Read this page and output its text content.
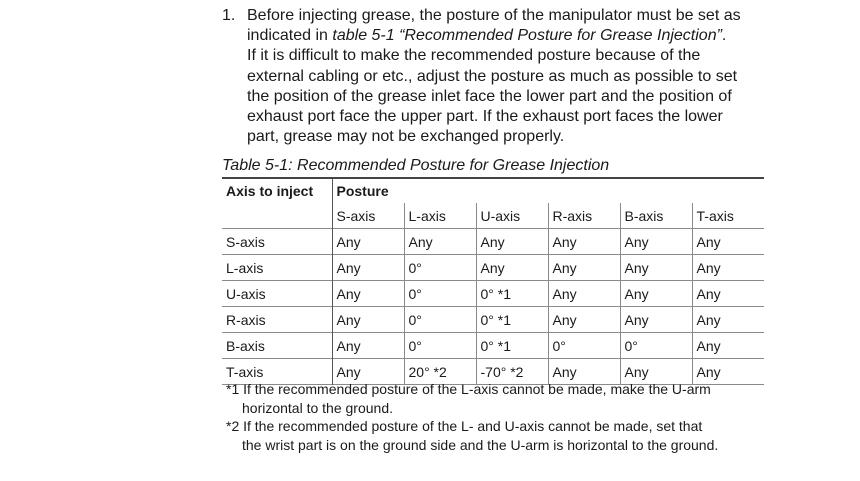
1. Before injecting grease, the posture of the manipulator must be set as
indicated in table 5-1 “Recommended Posture for Grease Injection”.
If it is difficult to make the recommended posture because of the
external cabling or etc., adjust the posture as much as possible to set
the position of the grease inlet face the lower part and the position of
exhaust port face the upper part. If the exhaust port faces the lower
part, grease may not be exchanged properly.
Table 5-1: Recommended Posture for Grease Injection
Axis to inject	Posture					
	S-axis	L-axis	U-axis	R-axis	B-axis	T-axis
S-axis	Any	Any	Any	Any	Any	Any
L-axis	Any	0°	Any	Any	Any	Any
U-axis	Any	0°	0° *1	Any	Any	Any
R-axis	Any	0°	0° *1	Any	Any	Any
B-axis	Any	0°	0° *1	0°	0°	Any
T-axis	Any	20° *2	-70° *2	Any	Any	Any
*1 If the recommended posture of the L-axis cannot be made, make the U-arm
horizontal to the ground.
*2 If the recommended posture of the L- and U-axis cannot be made, set that
the wrist part is on the ground side and the U-arm is horizontal to the ground.
